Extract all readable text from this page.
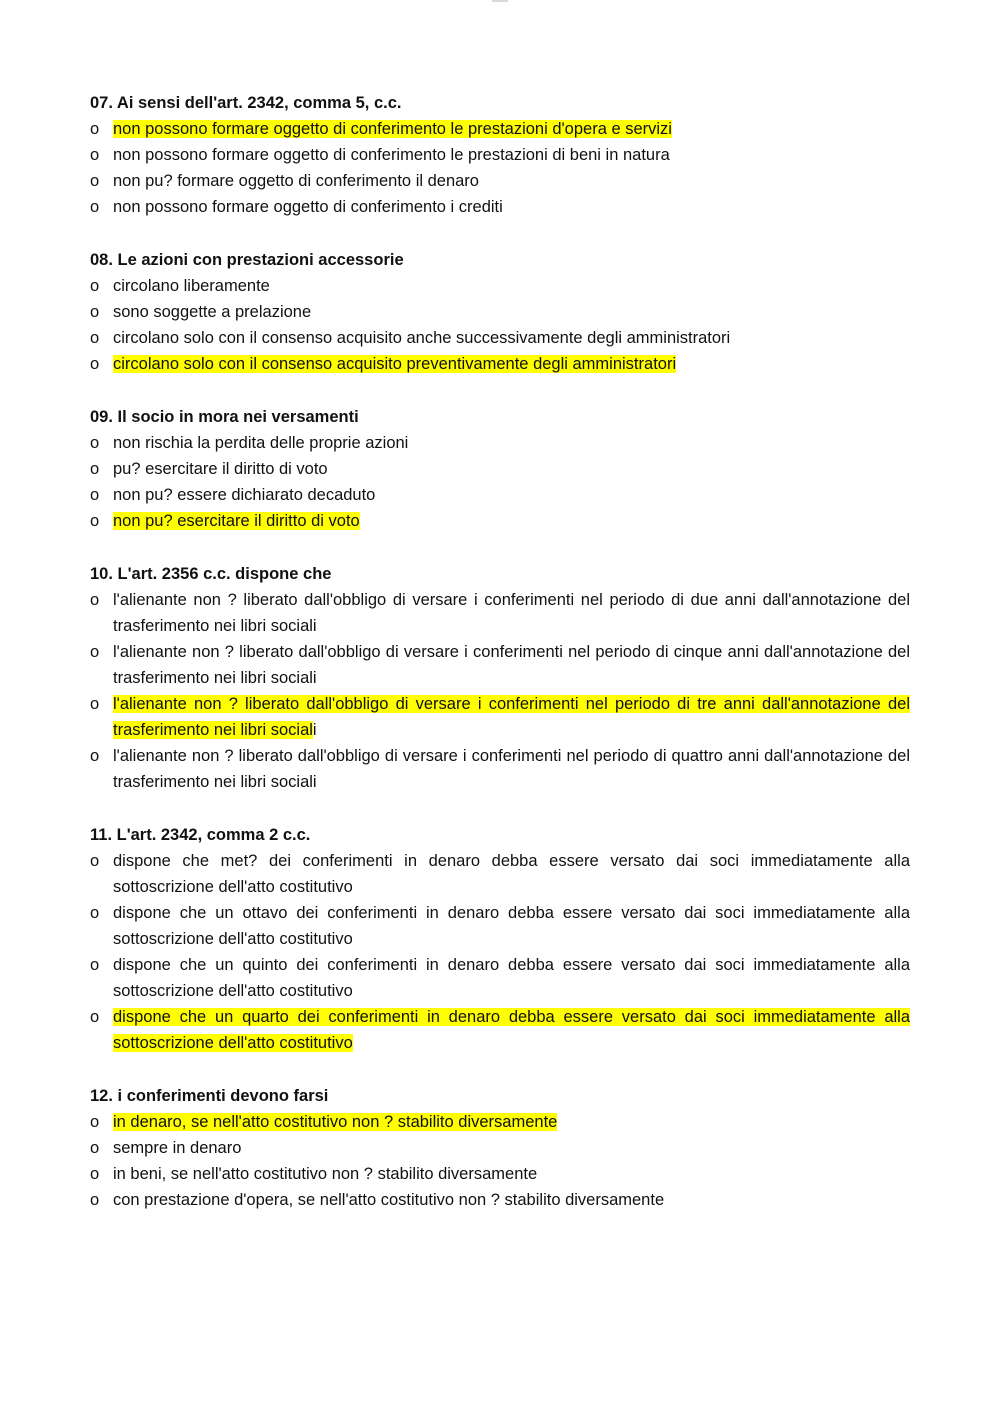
07. Ai sensi dell'art. 2342, comma 5, c.c.
o non possono formare oggetto di conferimento le prestazioni d'opera e servizi
o non possono formare oggetto di conferimento le prestazioni di beni in natura
o non pu? formare oggetto di conferimento il denaro
o non possono formare oggetto di conferimento i crediti
08. Le azioni con prestazioni accessorie
o circolano liberamente
o sono soggette a prelazione
o circolano solo con il consenso acquisito anche successivamente degli amministratori
o circolano solo con il consenso acquisito preventivamente degli amministratori
09. Il socio in mora nei versamenti
o non rischia la perdita delle proprie azioni
o pu? esercitare il diritto di voto
o non pu? essere dichiarato decaduto
o non pu? esercitare il diritto di voto
10. L'art. 2356 c.c. dispone che
o l'alienante non ? liberato dall'obbligo di versare i conferimenti nel periodo di due anni dall'annotazione del trasferimento nei libri sociali
o l'alienante non ? liberato dall'obbligo di versare i conferimenti nel periodo di cinque anni dall'annotazione del trasferimento nei libri sociali
o l'alienante non ? liberato dall'obbligo di versare i conferimenti nel periodo di tre anni dall'annotazione del trasferimento nei libri sociali
o l'alienante non ? liberato dall'obbligo di versare i conferimenti nel periodo di quattro anni dall'annotazione del trasferimento nei libri sociali
11. L'art. 2342, comma 2 c.c.
o dispone che met? dei conferimenti in denaro debba essere versato dai soci immediatamente alla sottoscrizione dell'atto costitutivo
o dispone che un ottavo dei conferimenti in denaro debba essere versato dai soci immediatamente alla sottoscrizione dell'atto costitutivo
o dispone che un quinto dei conferimenti in denaro debba essere versato dai soci immediatamente alla sottoscrizione dell'atto costitutivo
o dispone che un quarto dei conferimenti in denaro debba essere versato dai soci immediatamente alla sottoscrizione dell'atto costitutivo
12. i conferimenti devono farsi
o in denaro, se nell'atto costitutivo non ? stabilito diversamente
o sempre in denaro
o in beni, se nell'atto costitutivo non ? stabilito diversamente
o con prestazione d'opera, se nell'atto costitutivo non ? stabilito diversamente
